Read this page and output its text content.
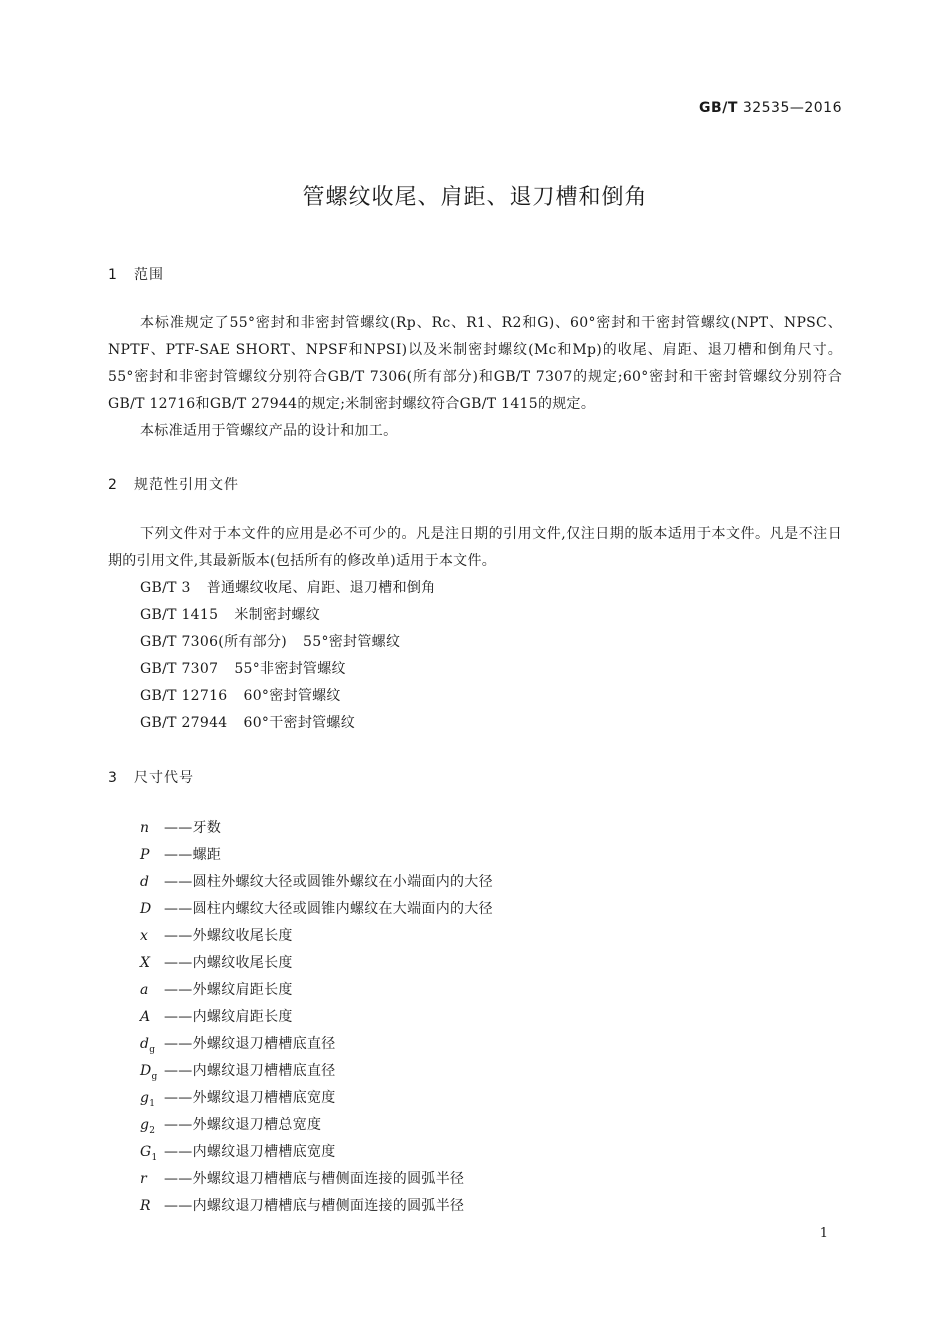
GB/T 32535—2016
管螺纹收尾、肩距、退刀槽和倒角
1 范围

本标准规定了55°密封和非密封管螺纹(Rp、Rc、R1、R2和G)、60°密封和干密封管螺纹(NPT、NPSC、NPTF、PTF-SAE SHORT、NPSF和NPSI)以及米制密封螺纹(Mc和Mp)的收尾、肩距、退刀槽和倒角尺寸。55°密封和非密封管螺纹分别符合GB/T 7306(所有部分)和GB/T 7307的规定;60°密封和干密封管螺纹分别符合GB/T 12716和GB/T 27944的规定;米制密封螺纹符合GB/T 1415的规定。

本标准适用于管螺纹产品的设计和加工。

2 规范性引用文件

下列文件对于本文件的应用是必不可少的。凡是注日期的引用文件,仅注日期的版本适用于本文件。凡是不注日期的引用文件,其最新版本(包括所有的修改单)适用于本文件。

GB/T 3 普通螺纹收尾、肩距、退刀槽和倒角
GB/T 1415 米制密封螺纹
GB/T 7306(所有部分) 55°密封管螺纹
GB/T 7307 55°非密封管螺纹
GB/T 12716 60°密封管螺纹
GB/T 27944 60°干密封管螺纹
3 尺寸代号
n ——牙数
P ——螺距
d ——圆柱外螺纹大径或圆锥外螺纹在小端面内的大径
D ——圆柱内螺纹大径或圆锥内螺纹在大端面内的大径
x ——外螺纹收尾长度
X ——内螺纹收尾长度
a ——外螺纹肩距长度
A ——内螺纹肩距长度
$d_g$ ——外螺纹退刀槽槽底直径
$D_g$ ——内螺纹退刀槽槽底直径
$g_1$ ——外螺纹退刀槽槽底宽度
$g_2$ ——外螺纹退刀槽总宽度
$G_1$ ——内螺纹退刀槽槽底宽度
r ——外螺纹退刀槽槽底与槽侧面连接的圆弧半径
R ——内螺纹退刀槽槽底与槽侧面连接的圆弧半径
1
